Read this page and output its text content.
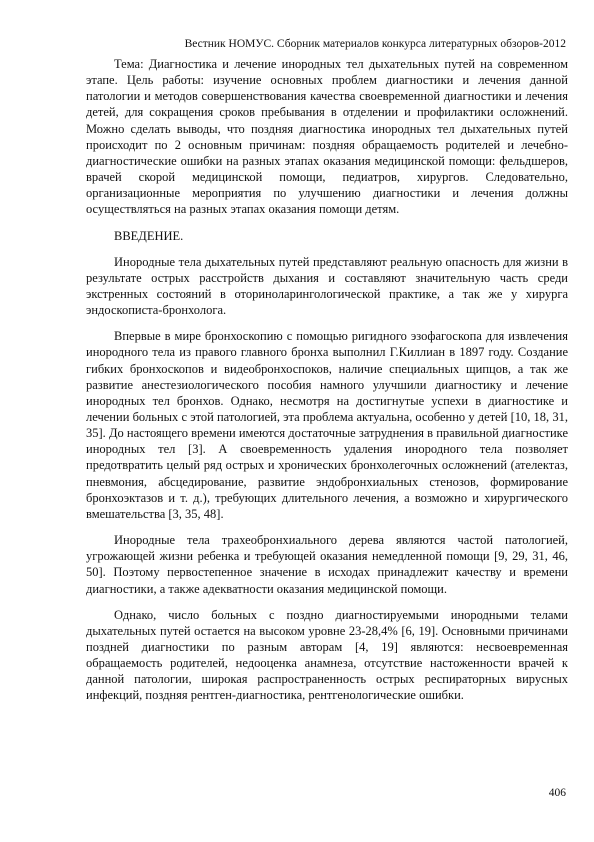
Вестник НОМУС. Сборник материалов конкурса литературных обзоров-2012

Тема: Диагностика и лечение инородных тел дыхательных путей на современном этапе. Цель работы: изучение основных проблем диагностики и лечения данной патологии и методов совершенствования качества своевременной диагностики и лечения детей, для сокращения сроков пребывания в отделении и профилактики осложнений. Можно сделать выводы, что поздняя диагностика инородных тел дыхательных путей происходит по 2 основным причинам: поздняя обращаемость родителей и лечебно-диагностические ошибки на разных этапах оказания медицинской помощи: фельдшеров, врачей скорой медицинской помощи, педиатров, хирургов. Следовательно, организационные мероприятия по улучшению диагностики и лечения должны осуществляться на разных этапах оказания помощи детям.

ВВЕДЕНИЕ.

Инородные тела дыхательных путей представляют реальную опасность для жизни в результате острых расстройств дыхания и составляют значительную часть среди экстренных состояний в оториноларингологической практике, а так же у хирурга эндоскописта-бронхолога.

Впервые в мире бронхоскопию с помощью ригидного эзофагоскопа для извлечения инородного тела из правого главного бронха выполнил Г.Киллиан в 1897 году. Создание гибких бронхоскопов и видеобронхоспоков, наличие специальных щипцов, а так же развитие анестезиологического пособия намного улучшили диагностику и лечение инородных тел бронхов. Однако, несмотря на достигнутые успехи в диагностике и лечении больных с этой патологией, эта проблема актуальна, особенно у детей [10, 18, 31, 35]. До настоящего времени имеются достаточные затруднения в правильной диагностике инородных тел [3]. А своевременность удаления инородного тела позволяет предотвратить целый ряд острых и хронических бронхолегочных осложнений (ателектаз, пневмония, абсцедирование, развитие эндобронхиальных стенозов, формирование бронхоэктазов и т. д.), требующих длительного лечения, а возможно и хирургического вмешательства [3, 35, 48].

Инородные тела трахеобронхиального дерева являются частой патологией, угрожающей жизни ребенка и требующей оказания немедленной помощи [9, 29, 31, 46, 50]. Поэтому первостепенное значение в исходах принадлежит качеству и времени диагностики, а также адекватности оказания медицинской помощи.

Однако, число больных с поздно диагностируемыми инородными телами дыхательных путей остается на высоком уровне 23-28,4% [6, 19]. Основными причинами поздней диагностики по разным авторам [4, 19] являются: несвоевременная обращаемость родителей, недооценка анамнеза, отсутствие настоженности врачей к данной патологии, широкая распространенность острых респираторных вирусных инфекций, поздняя рентген-диагностика, рентгенологические ошибки.

406
